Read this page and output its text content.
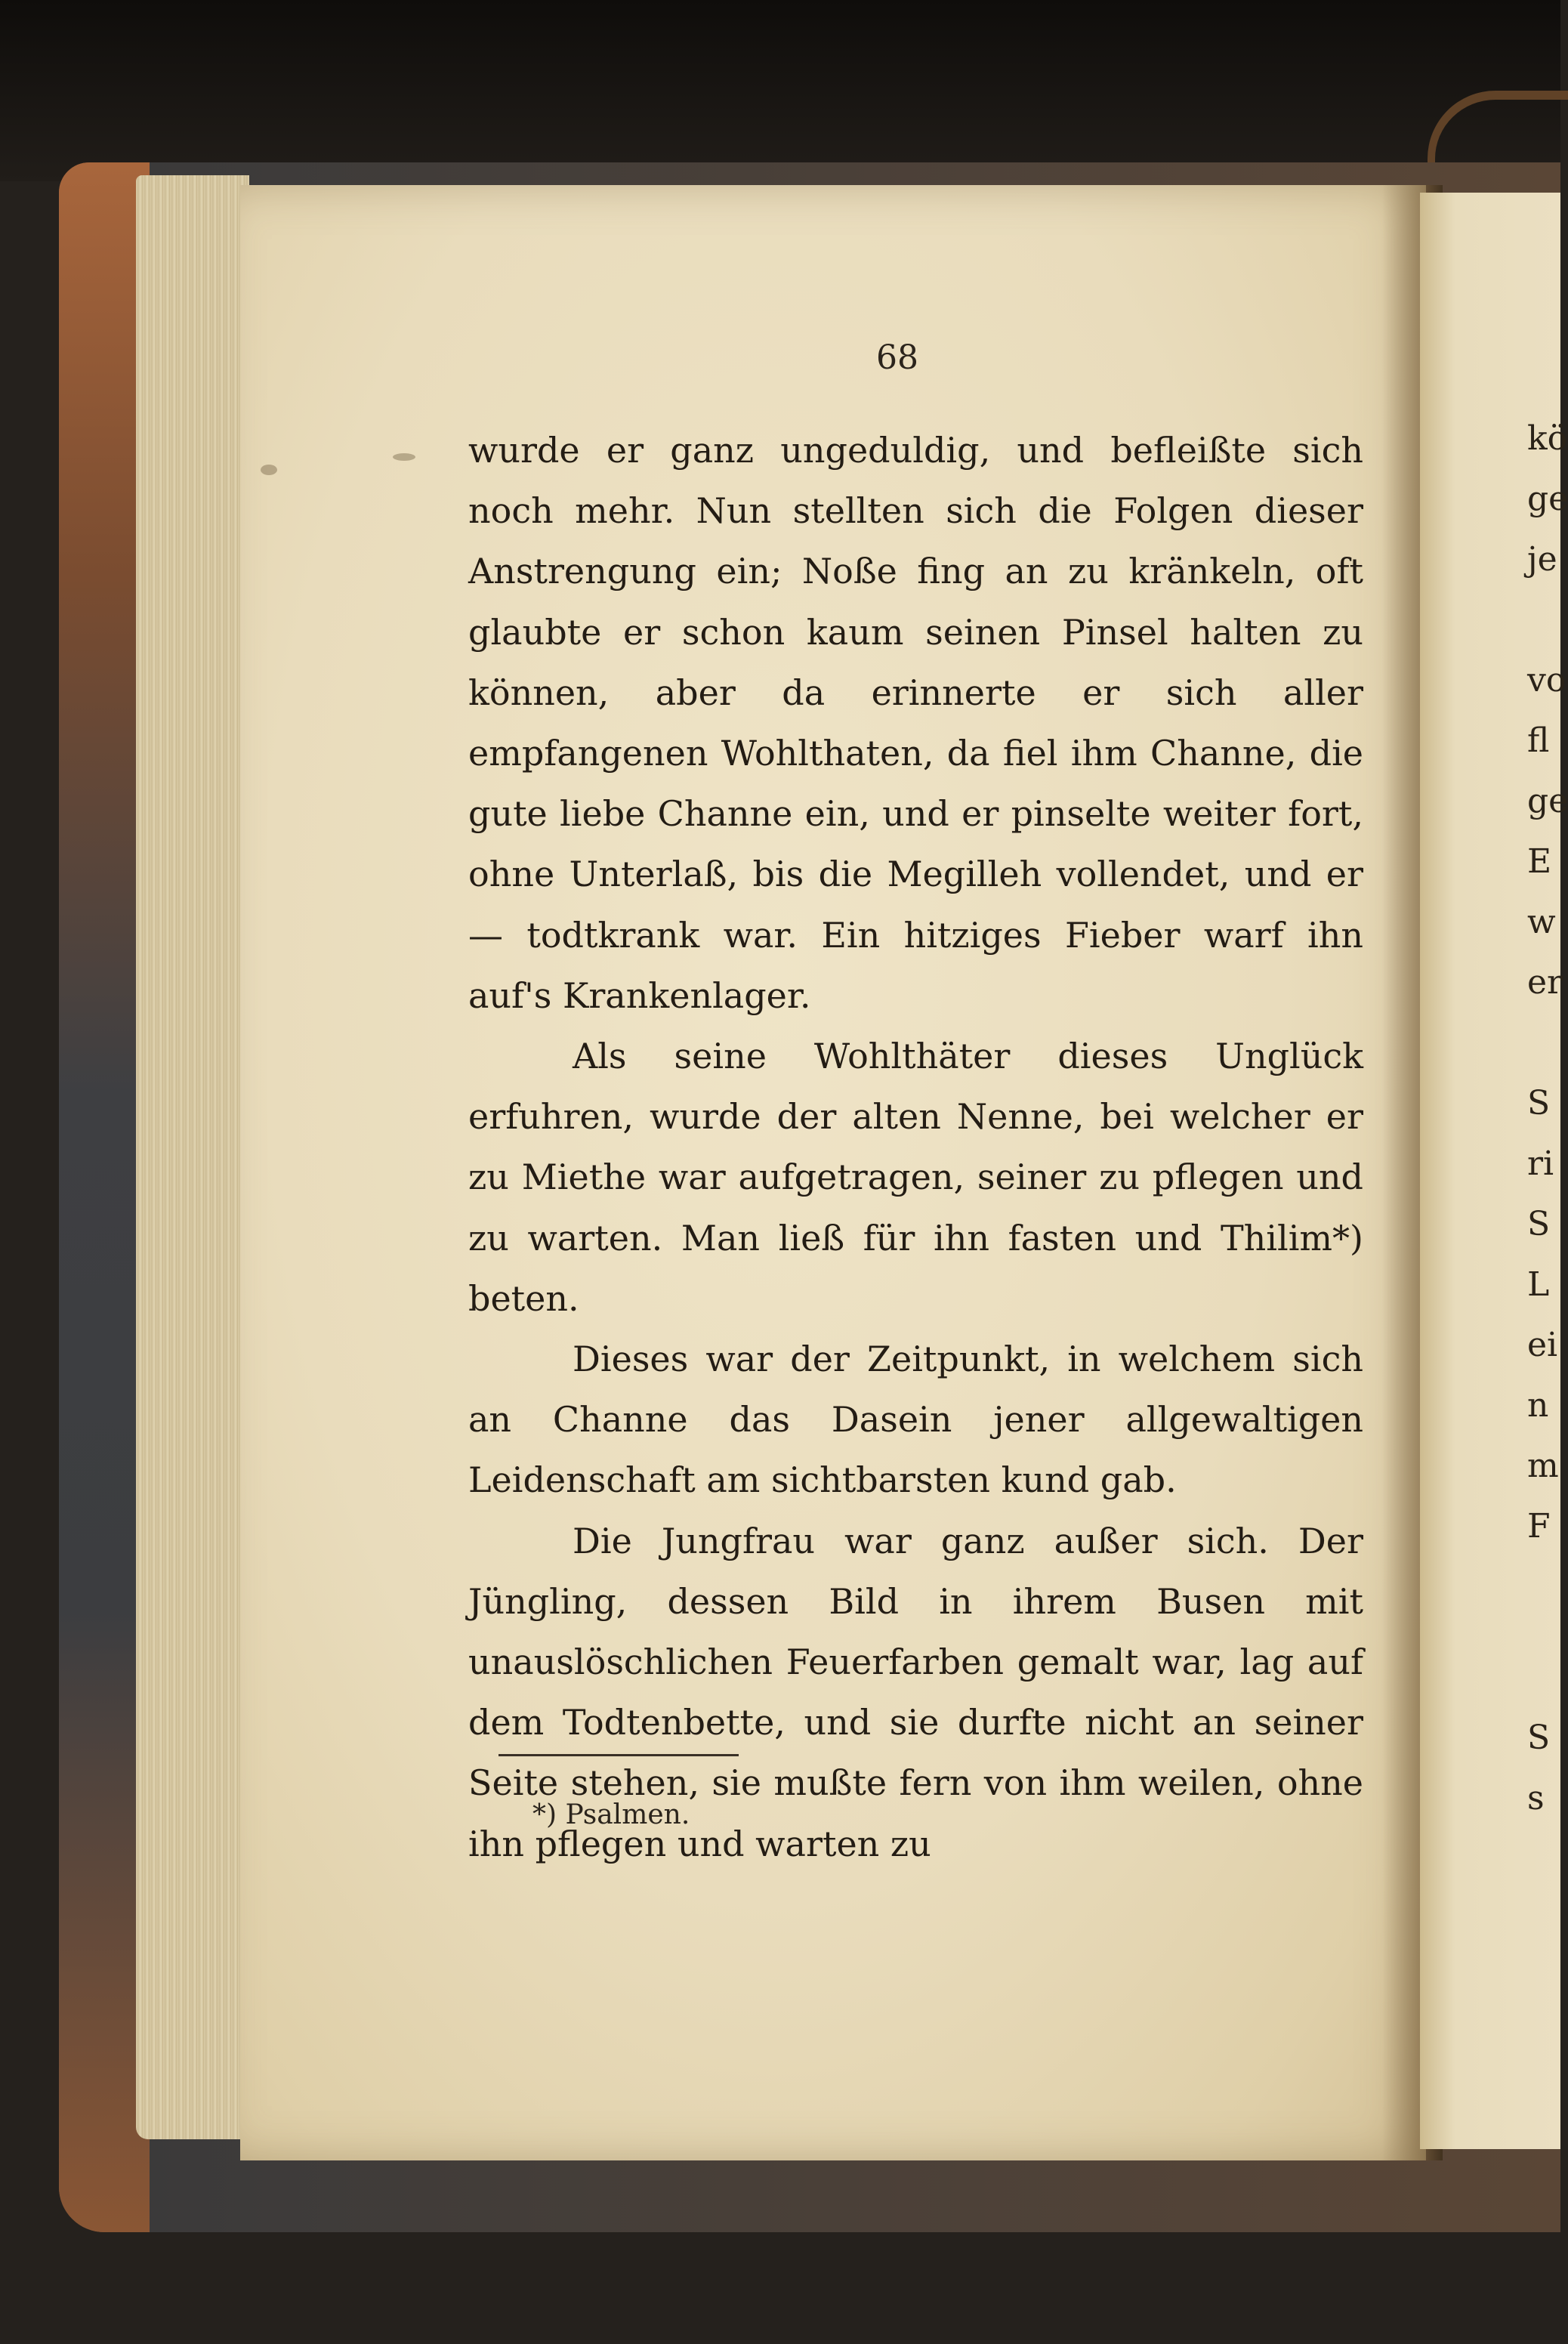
kö
ge
je
vo
fl
ge
E
w
er
S
ri
S
L
ei
n
m
F
S
s
68

wurde er ganz ungeduldig, und befleißte sich noch mehr. Nun stellten sich die Folgen dieser Anstrengung ein; Noße fing an zu kränkeln, oft glaubte er schon kaum seinen Pinsel halten zu können, aber da erinnerte er sich aller empfangenen Wohlthaten, da fiel ihm Channe, die gute liebe Channe ein, und er pinselte weiter fort, ohne Unterlaß, bis die Megilleh vollendet, und er — todtkrank war. Ein hitziges Fieber warf ihn auf's Krankenlager.

Als seine Wohlthäter dieses Unglück erfuhren, wurde der alten Nenne, bei welcher er zu Miethe war aufgetragen, seiner zu pflegen und zu warten. Man ließ für ihn fasten und Thilim*) beten.

Dieses war der Zeitpunkt, in welchem sich an Channe das Dasein jener allgewaltigen Leidenschaft am sichtbarsten kund gab.

Die Jungfrau war ganz außer sich. Der Jüngling, dessen Bild in ihrem Busen mit unauslöschlichen Feuerfarben gemalt war, lag auf dem Todtenbette, und sie durfte nicht an seiner Seite stehen, sie mußte fern von ihm weilen, ohne ihn pflegen und warten zu

*) Psalmen.
